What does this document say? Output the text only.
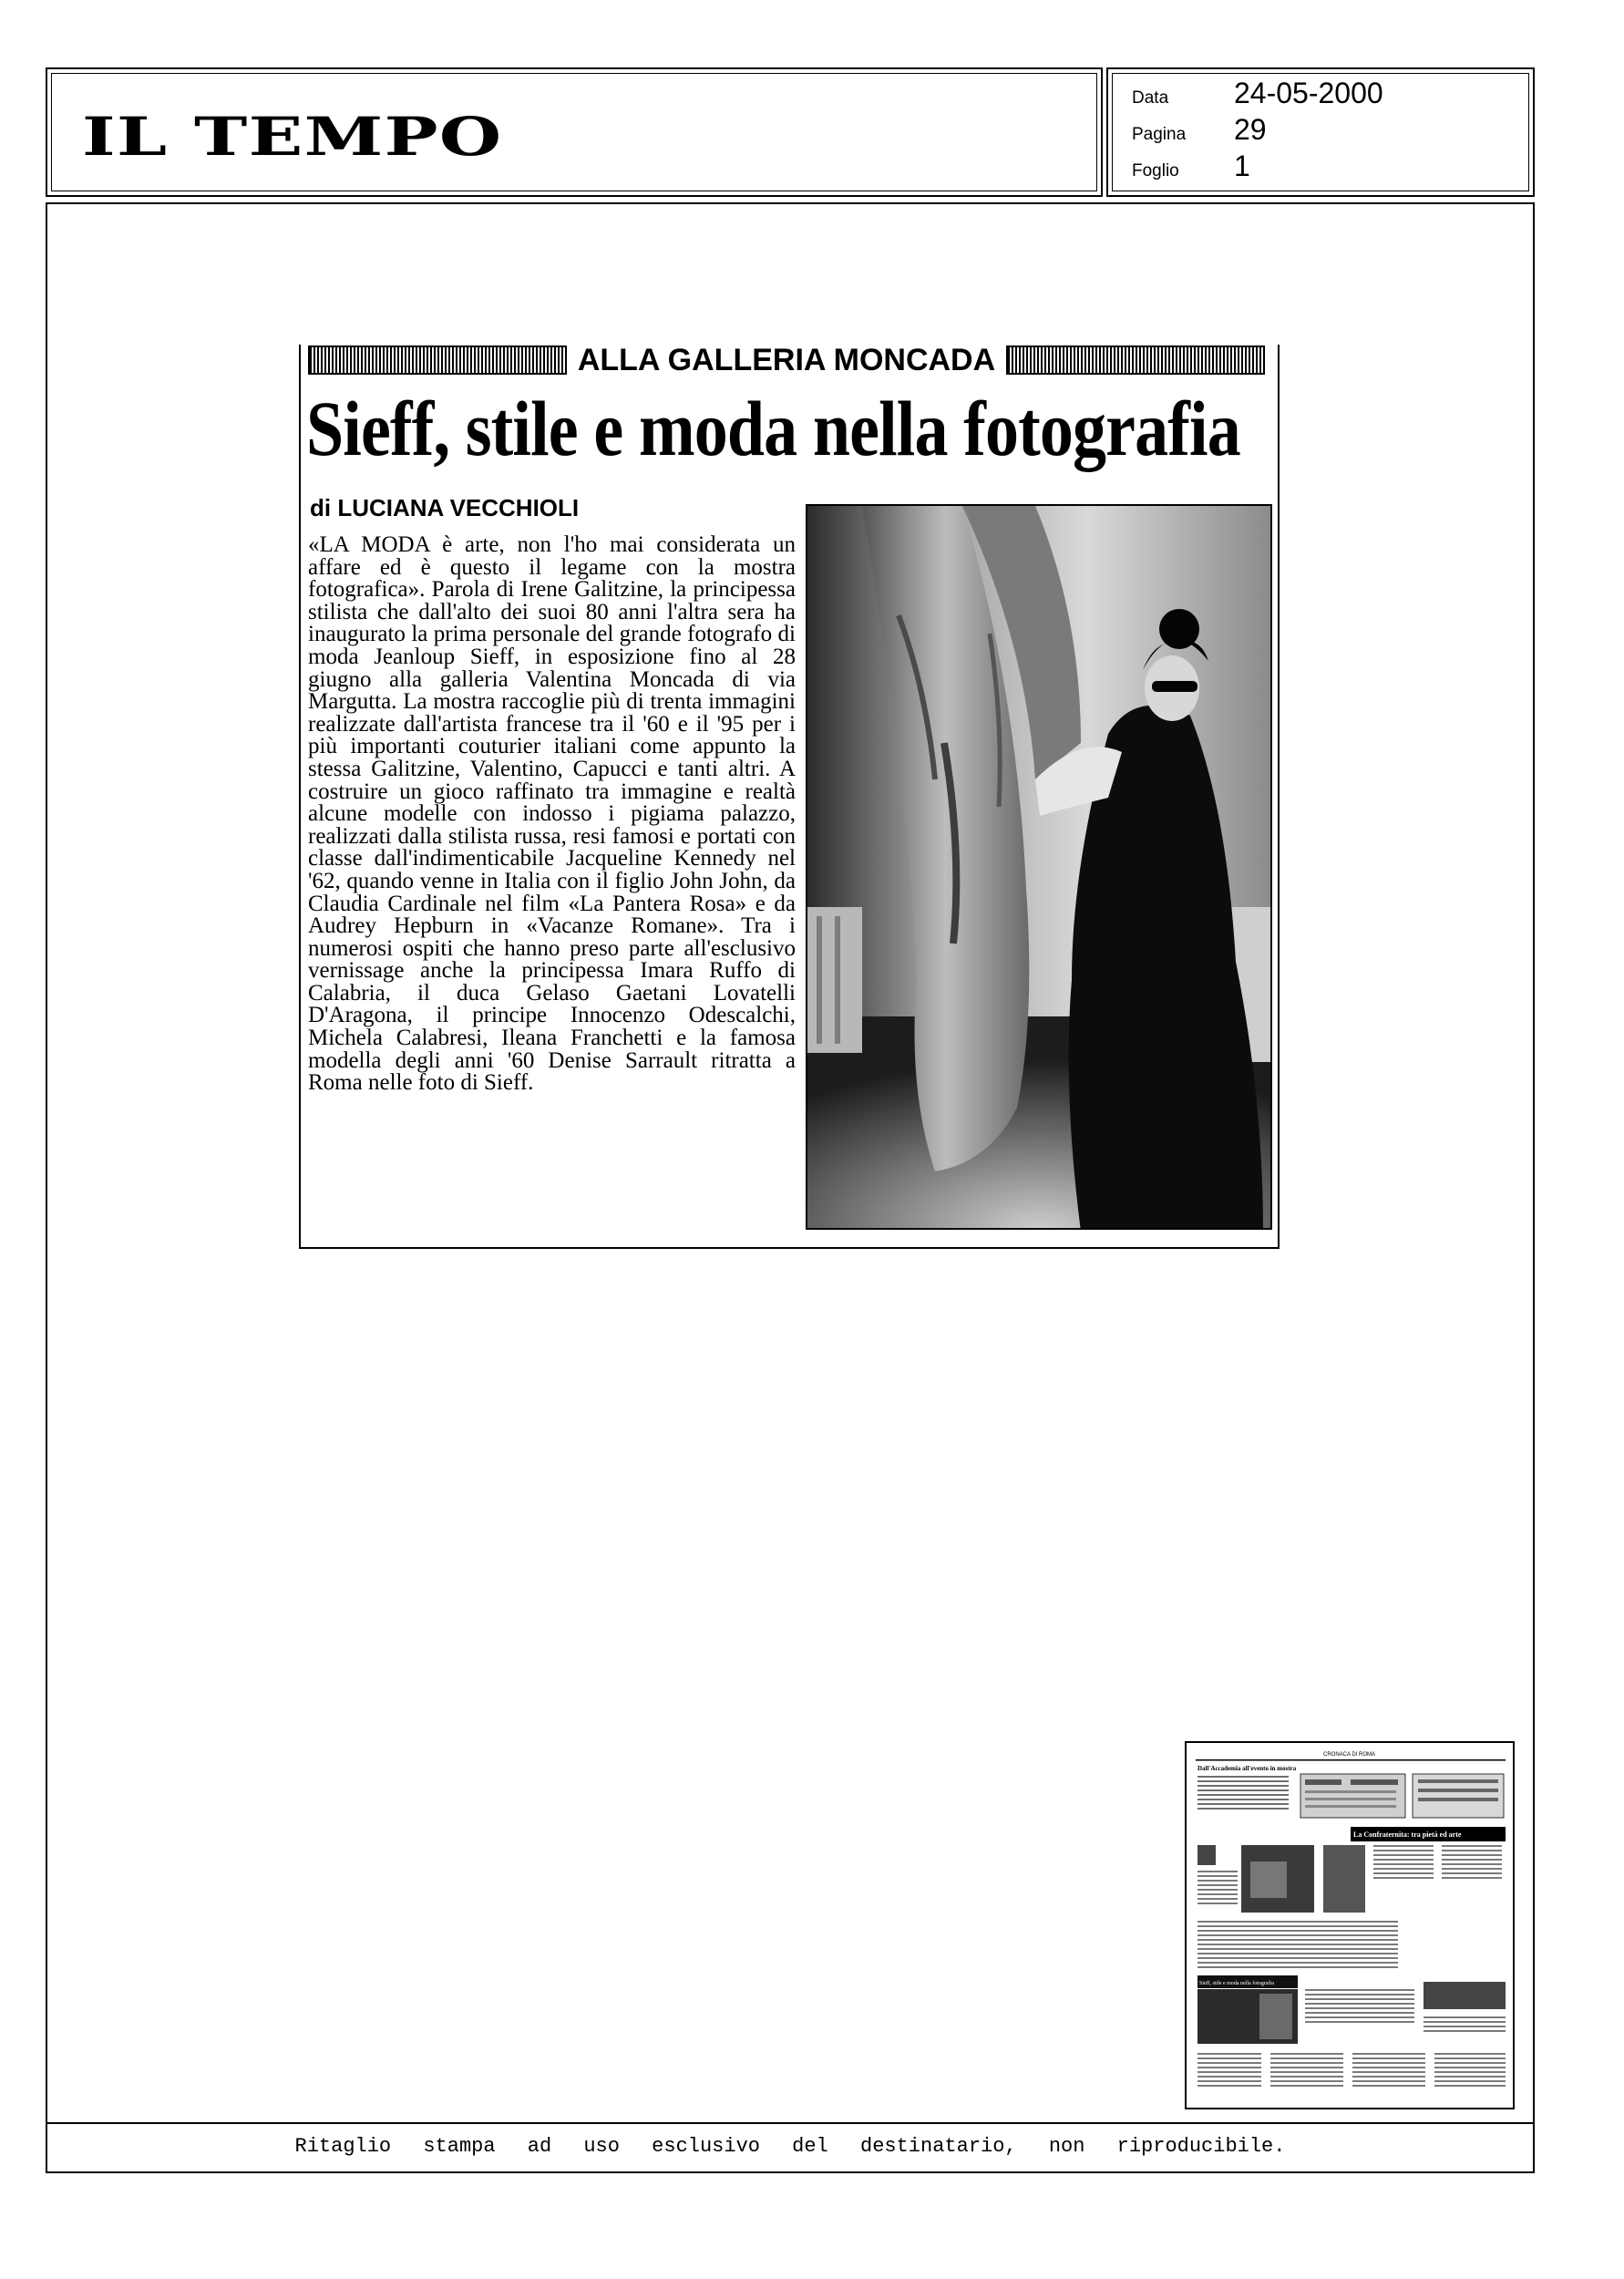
IL TEMPO
Data	24-05-2000
Pagina	29
Foglio	1
ALLA GALLERIA MONCADA
Sieff, stile e moda nella fotografia
di LUCIANA VECCHIOLI
«LA MODA è arte, non l'ho mai considerata un affare ed è questo il legame con la mostra fotografica». Parola di Irene Galitzine, la principessa stilista che dall'alto dei suoi 80 anni l'altra sera ha inaugurato la prima personale del grande fotografo di moda Jeanloup Sieff, in esposizione fino al 28 giugno alla galleria Valentina Moncada di via Margutta. La mostra raccoglie più di trenta immagini realizzate dall'artista francese tra il '60 e il '95 per i più importanti couturier italiani come appunto la stessa Galitzine, Valentino, Capucci e tanti altri. A costruire un gioco raffinato tra immagine e realtà alcune modelle con indosso i pigiama palazzo, realizzati dalla stilista russa, resi famosi e portati con classe dall'indimenticabile Jacqueline Kennedy nel '62, quando venne in Italia con il figlio John John, da Claudia Cardinale nel film «La Pantera Rosa» e da Audrey Hepburn in «Vacanze Romane». Tra i numerosi ospiti che hanno preso parte all'esclusivo vernissage anche la principessa Imara Ruffo di Calabria, il duca Gelaso Gaetani Lovatelli D'Aragona, il principe Innocenzo Odescalchi, Michela Calabresi, Ileana Franchetti e la famosa modella degli anni '60 Denise Sarrault ritratta a Roma nelle foto di Sieff.
CRONACA DI ROMA
Dall'Accademia all'evento in mostra
La Confraternita: tra pietà ed arte
Sieff, stile e moda nella fotografia
Ritaglio stampa ad uso esclusivo del destinatario, non riproducibile.
